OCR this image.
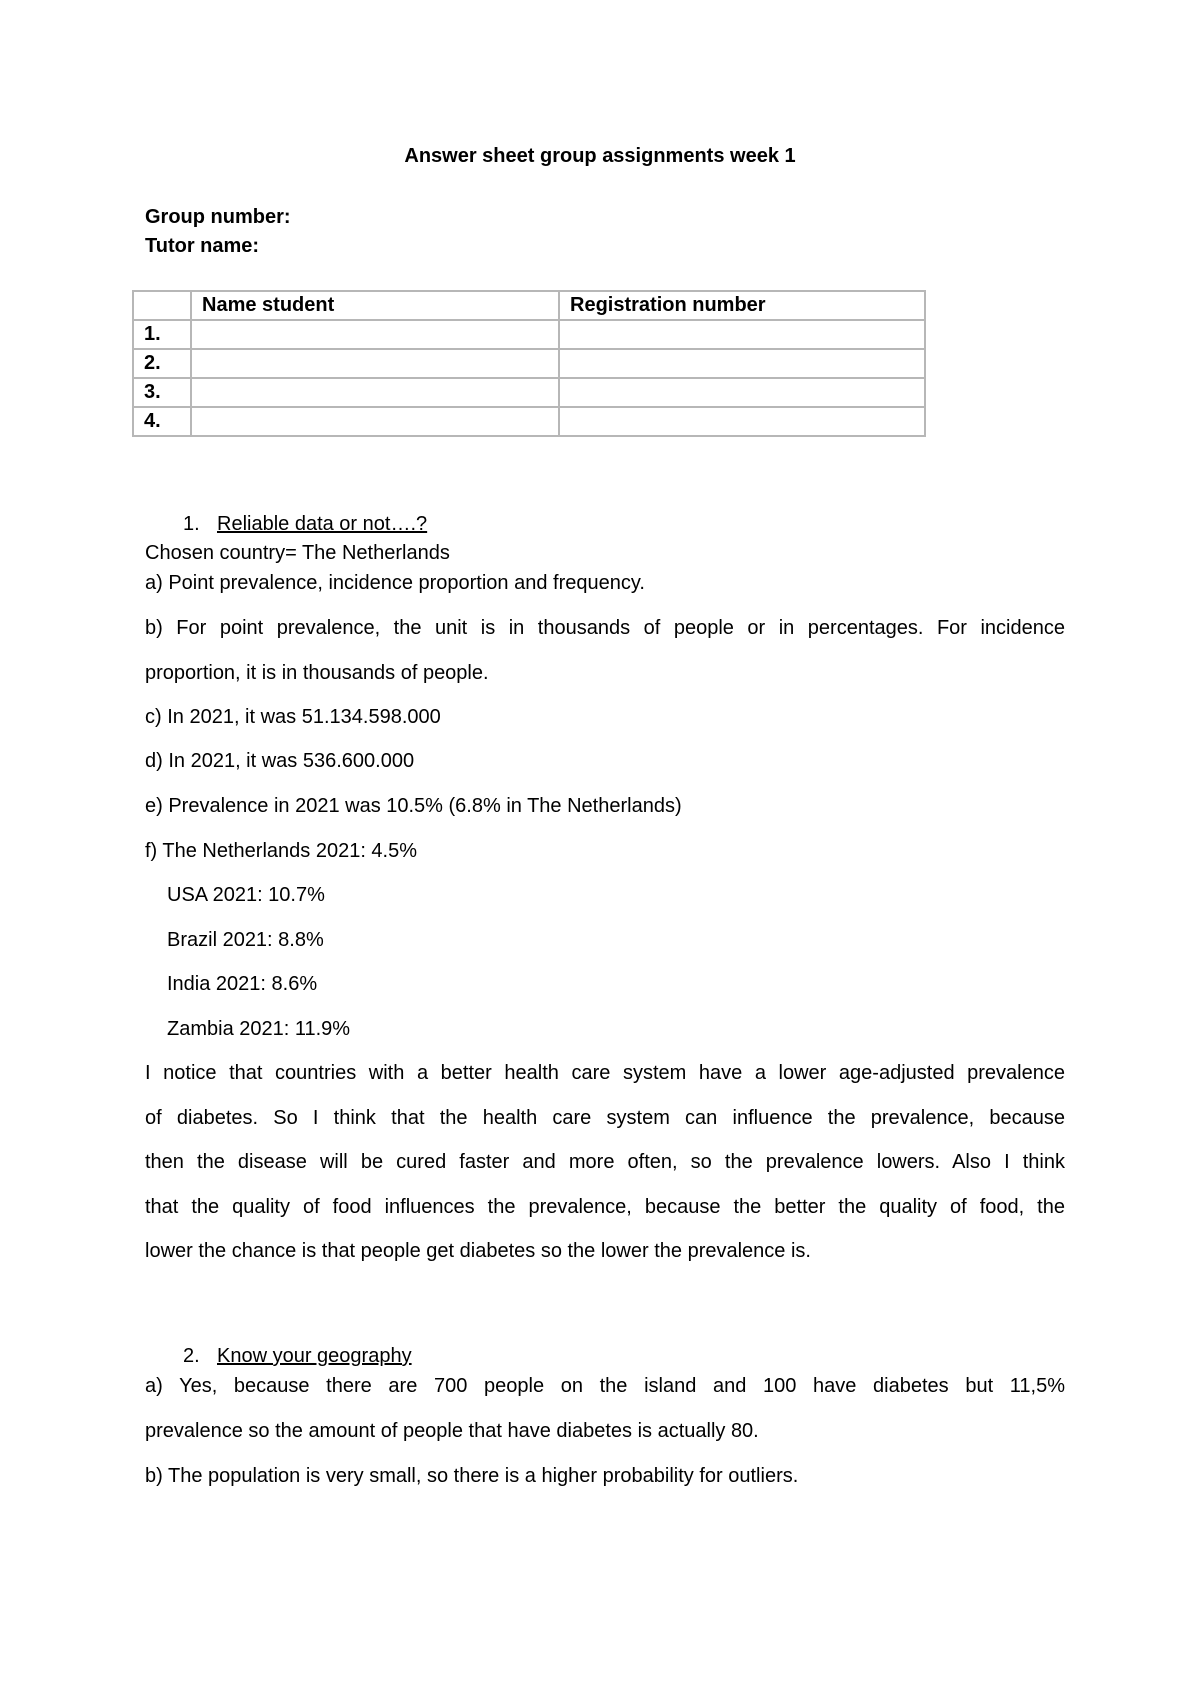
Answer sheet group assignments week 1
Group number:
Tutor name:
	Name student	Registration number
1.		
2.		
3.		
4.		
1. Reliable data or not….?
Chosen country= The Netherlands
a) Point prevalence, incidence proportion and frequency.
b) For point prevalence, the unit is in thousands of people or in percentages. For incidence
proportion, it is in thousands of people.
c) In 2021, it was 51.134.598.000
d) In 2021, it was 536.600.000
e) Prevalence in 2021 was 10.5% (6.8% in The Netherlands)
f) The Netherlands 2021: 4.5%
USA 2021: 10.7%
Brazil 2021: 8.8%
India 2021: 8.6%
Zambia 2021: 11.9%
I notice that countries with a better health care system have a lower age-adjusted prevalence
of diabetes. So I think that the health care system can influence the prevalence, because
then the disease will be cured faster and more often, so the prevalence lowers. Also I think
that the quality of food influences the prevalence, because the better the quality of food, the
lower the chance is that people get diabetes so the lower the prevalence is.
2. Know your geography
a) Yes, because there are 700 people on the island and 100 have diabetes but 11,5%
prevalence so the amount of people that have diabetes is actually 80.
b) The population is very small, so there is a higher probability for outliers.
